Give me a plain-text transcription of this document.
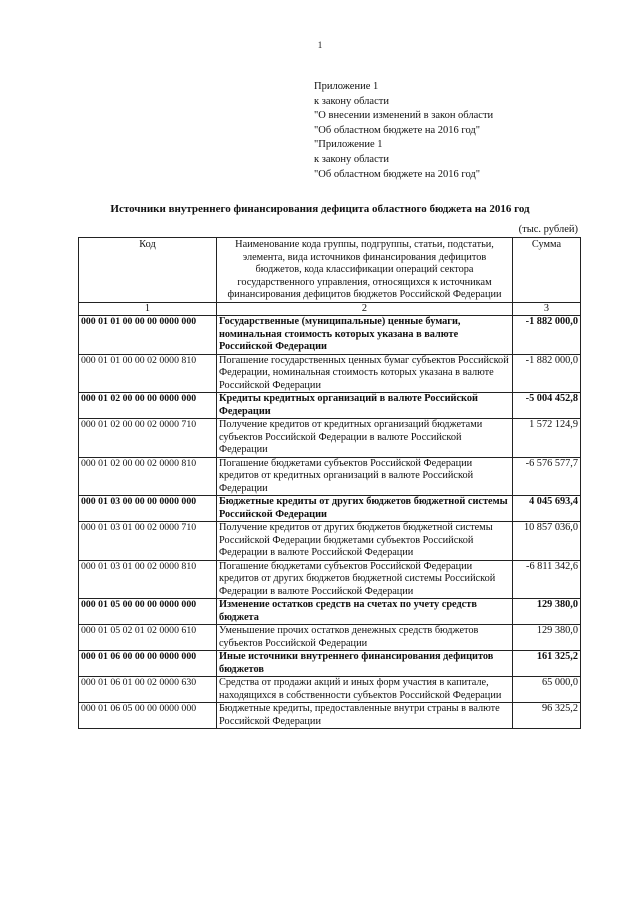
1
Приложение 1
к закону области
"О внесении изменений в закон области
"Об областном бюджете на 2016 год"
"Приложение 1
к закону области
"Об областном бюджете на 2016 год"
Источники внутреннего финансирования дефицита областного бюджета на 2016 год
(тыс. рублей)
Код	Наименование кода группы, подгруппы, статьи, подстатьи, элемента, вида источников финансирования дефицитов бюджетов, кода классификации операций сектора государственного управления, относящихся к источникам финансирования дефицитов бюджетов Российской Федерации	Сумма
1	2	3
000 01 01 00 00 00 0000 000	Государственные (муниципальные) ценные бумаги, номинальная стоимость которых указана в валюте Российской Федерации	-1 882 000,0
000 01 01 00 00 02 0000 810	Погашение государственных ценных бумаг субъектов Российской Федерации, номинальная стоимость которых указана в валюте Российской Федерации	-1 882 000,0
000 01 02 00 00 00 0000 000	Кредиты кредитных организаций в валюте Российской Федерации	-5 004 452,8
000 01 02 00 00 02 0000 710	Получение кредитов от кредитных организаций бюджетами субъектов Российской Федерации в валюте Российской Федерации	1 572 124,9
000 01 02 00 00 02 0000 810	Погашение бюджетами субъектов Российской Федерации кредитов от кредитных организаций в валюте Российской Федерации	-6 576 577,7
000 01 03 00 00 00 0000 000	Бюджетные кредиты от других бюджетов бюджетной системы Российской Федерации	4 045 693,4
000 01 03 01 00 02 0000 710	Получение кредитов от других бюджетов бюджетной системы Российской Федерации бюджетами субъектов Российской Федерации в валюте Российской Федерации	10 857 036,0
000 01 03 01 00 02 0000 810	Погашение бюджетами субъектов Российской Федерации кредитов от других бюджетов бюджетной системы Российской Федерации в валюте Российской Федерации	-6 811 342,6
000 01 05 00 00 00 0000 000	Изменение остатков средств на счетах по учету средств бюджета	129 380,0
000 01 05 02 01 02 0000 610	Уменьшение прочих остатков денежных средств бюджетов субъектов Российской Федерации	129 380,0
000 01 06 00 00 00 0000 000	Иные источники внутреннего финансирования дефицитов бюджетов	161 325,2
000 01 06 01 00 02 0000 630	Средства от продажи акций и иных форм участия в капитале, находящихся в собственности субъектов Российской Федерации	65 000,0
000 01 06 05 00 00 0000 000	Бюджетные кредиты, предоставленные внутри страны в валюте Российской Федерации	96 325,2
